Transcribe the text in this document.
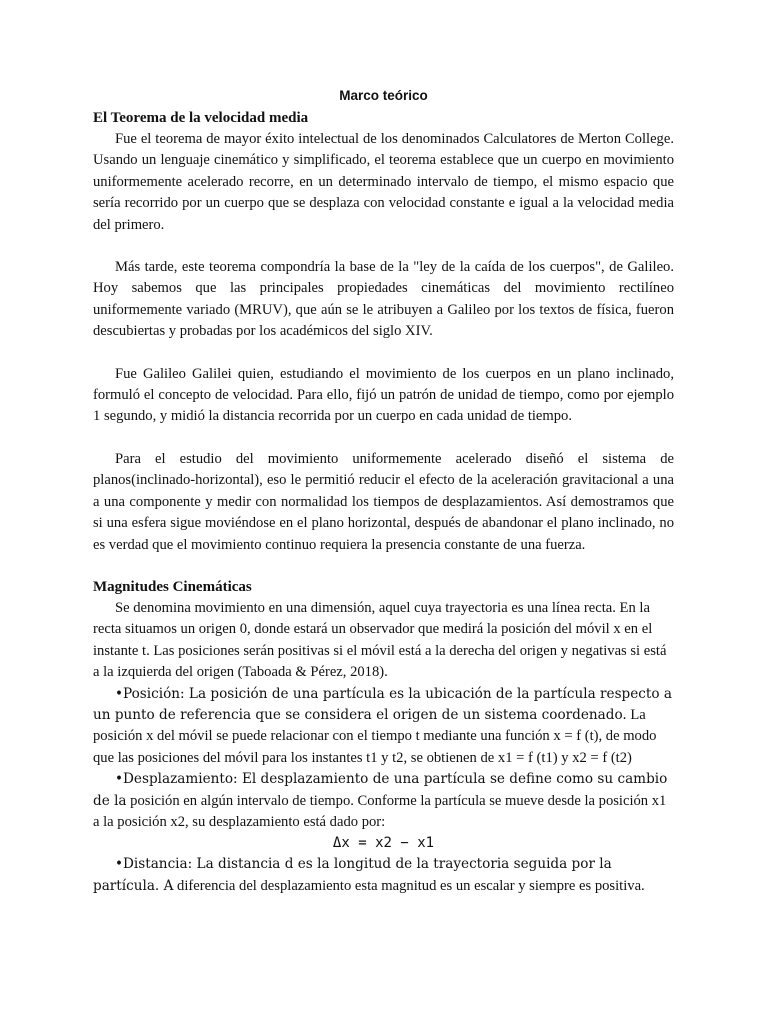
Marco teórico
El Teorema de la velocidad media

Fue el teorema de mayor éxito intelectual de los denominados Calculatores de Merton College. Usando un lenguaje cinemático y simplificado, el teorema establece que un cuerpo en movimiento uniformemente acelerado recorre, en un determinado intervalo de tiempo, el mismo espacio que sería recorrido por un cuerpo que se desplaza con velocidad constante e igual a la velocidad media del primero.

Más tarde, este teorema compondría la base de la "ley de la caída de los cuerpos", de Galileo. Hoy sabemos que las principales propiedades cinemáticas del movimiento rectilíneo uniformemente variado (MRUV), que aún se le atribuyen a Galileo por los textos de física, fueron descubiertas y probadas por los académicos del siglo XIV.

Fue Galileo Galilei quien, estudiando el movimiento de los cuerpos en un plano inclinado, formuló el concepto de velocidad. Para ello, fijó un patrón de unidad de tiempo, como por ejemplo 1 segundo, y midió la distancia recorrida por un cuerpo en cada unidad de tiempo.

Para el estudio del movimiento uniformemente acelerado diseñó el sistema de planos(inclinado-horizontal), eso le permitió reducir el efecto de la aceleración gravitacional a una a una componente y medir con normalidad los tiempos de desplazamientos. Así demostramos que si una esfera sigue moviéndose en el plano horizontal, después de abandonar el plano inclinado, no es verdad que el movimiento continuo requiera la presencia constante de una fuerza.

Magnitudes Cinemáticas

Se denomina movimiento en una dimensión, aquel cuya trayectoria es una línea recta. En la recta situamos un origen 0, donde estará un observador que medirá la posición del móvil x en el instante t. Las posiciones serán positivas si el móvil está a la derecha del origen y negativas si está a la izquierda del origen (Taboada & Pérez, 2018).

•Posición: La posición de una partícula es la ubicación de la partícula respecto a un punto de referencia que se considera el origen de un sistema coordenado. La posición x del móvil se puede relacionar con el tiempo t mediante una función x = f (t), de modo que las posiciones del móvil para los instantes t1 y t2, se obtienen de x1 = f (t1) y x2 = f (t2)

•Desplazamiento: El desplazamiento de una partícula se define como su cambio de la posición en algún intervalo de tiempo. Conforme la partícula se mueve desde la posición x1 a la posición x2, su desplazamiento está dado por:

Δx = x2 − x1

•Distancia: La distancia d es la longitud de la trayectoria seguida por la partícula. A diferencia del desplazamiento esta magnitud es un escalar y siempre es positiva.
